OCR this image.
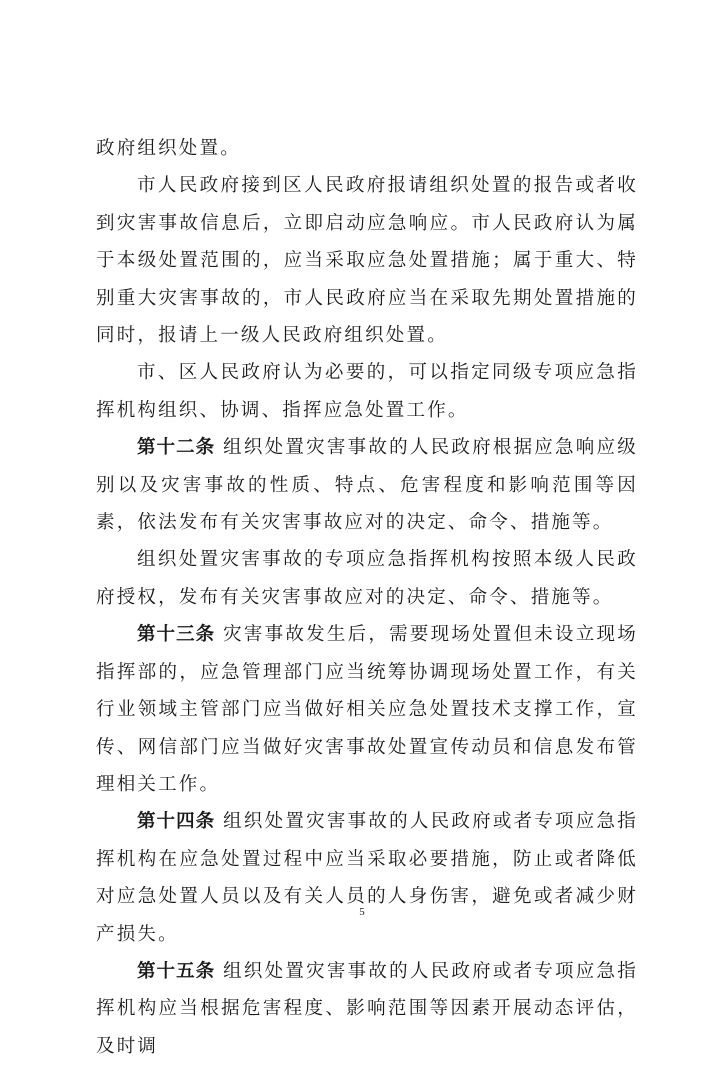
政府组织处置。

市人民政府接到区人民政府报请组织处置的报告或者收到灾害事故信息后，立即启动应急响应。市人民政府认为属于本级处置范围的，应当采取应急处置措施；属于重大、特别重大灾害事故的，市人民政府应当在采取先期处置措施的同时，报请上一级人民政府组织处置。

市、区人民政府认为必要的，可以指定同级专项应急指挥机构组织、协调、指挥应急处置工作。

第十二条 组织处置灾害事故的人民政府根据应急响应级别以及灾害事故的性质、特点、危害程度和影响范围等因素，依法发布有关灾害事故应对的决定、命令、措施等。

组织处置灾害事故的专项应急指挥机构按照本级人民政府授权，发布有关灾害事故应对的决定、命令、措施等。

第十三条 灾害事故发生后，需要现场处置但未设立现场指挥部的，应急管理部门应当统筹协调现场处置工作，有关行业领域主管部门应当做好相关应急处置技术支撑工作，宣传、网信部门应当做好灾害事故处置宣传动员和信息发布管理相关工作。

第十四条 组织处置灾害事故的人民政府或者专项应急指挥机构在应急处置过程中应当采取必要措施，防止或者降低对应急处置人员以及有关人员的人身伤害，避免或者减少财产损失。

第十五条 组织处置灾害事故的人民政府或者专项应急指挥机构应当根据危害程度、影响范围等因素开展动态评估，及时调

5
